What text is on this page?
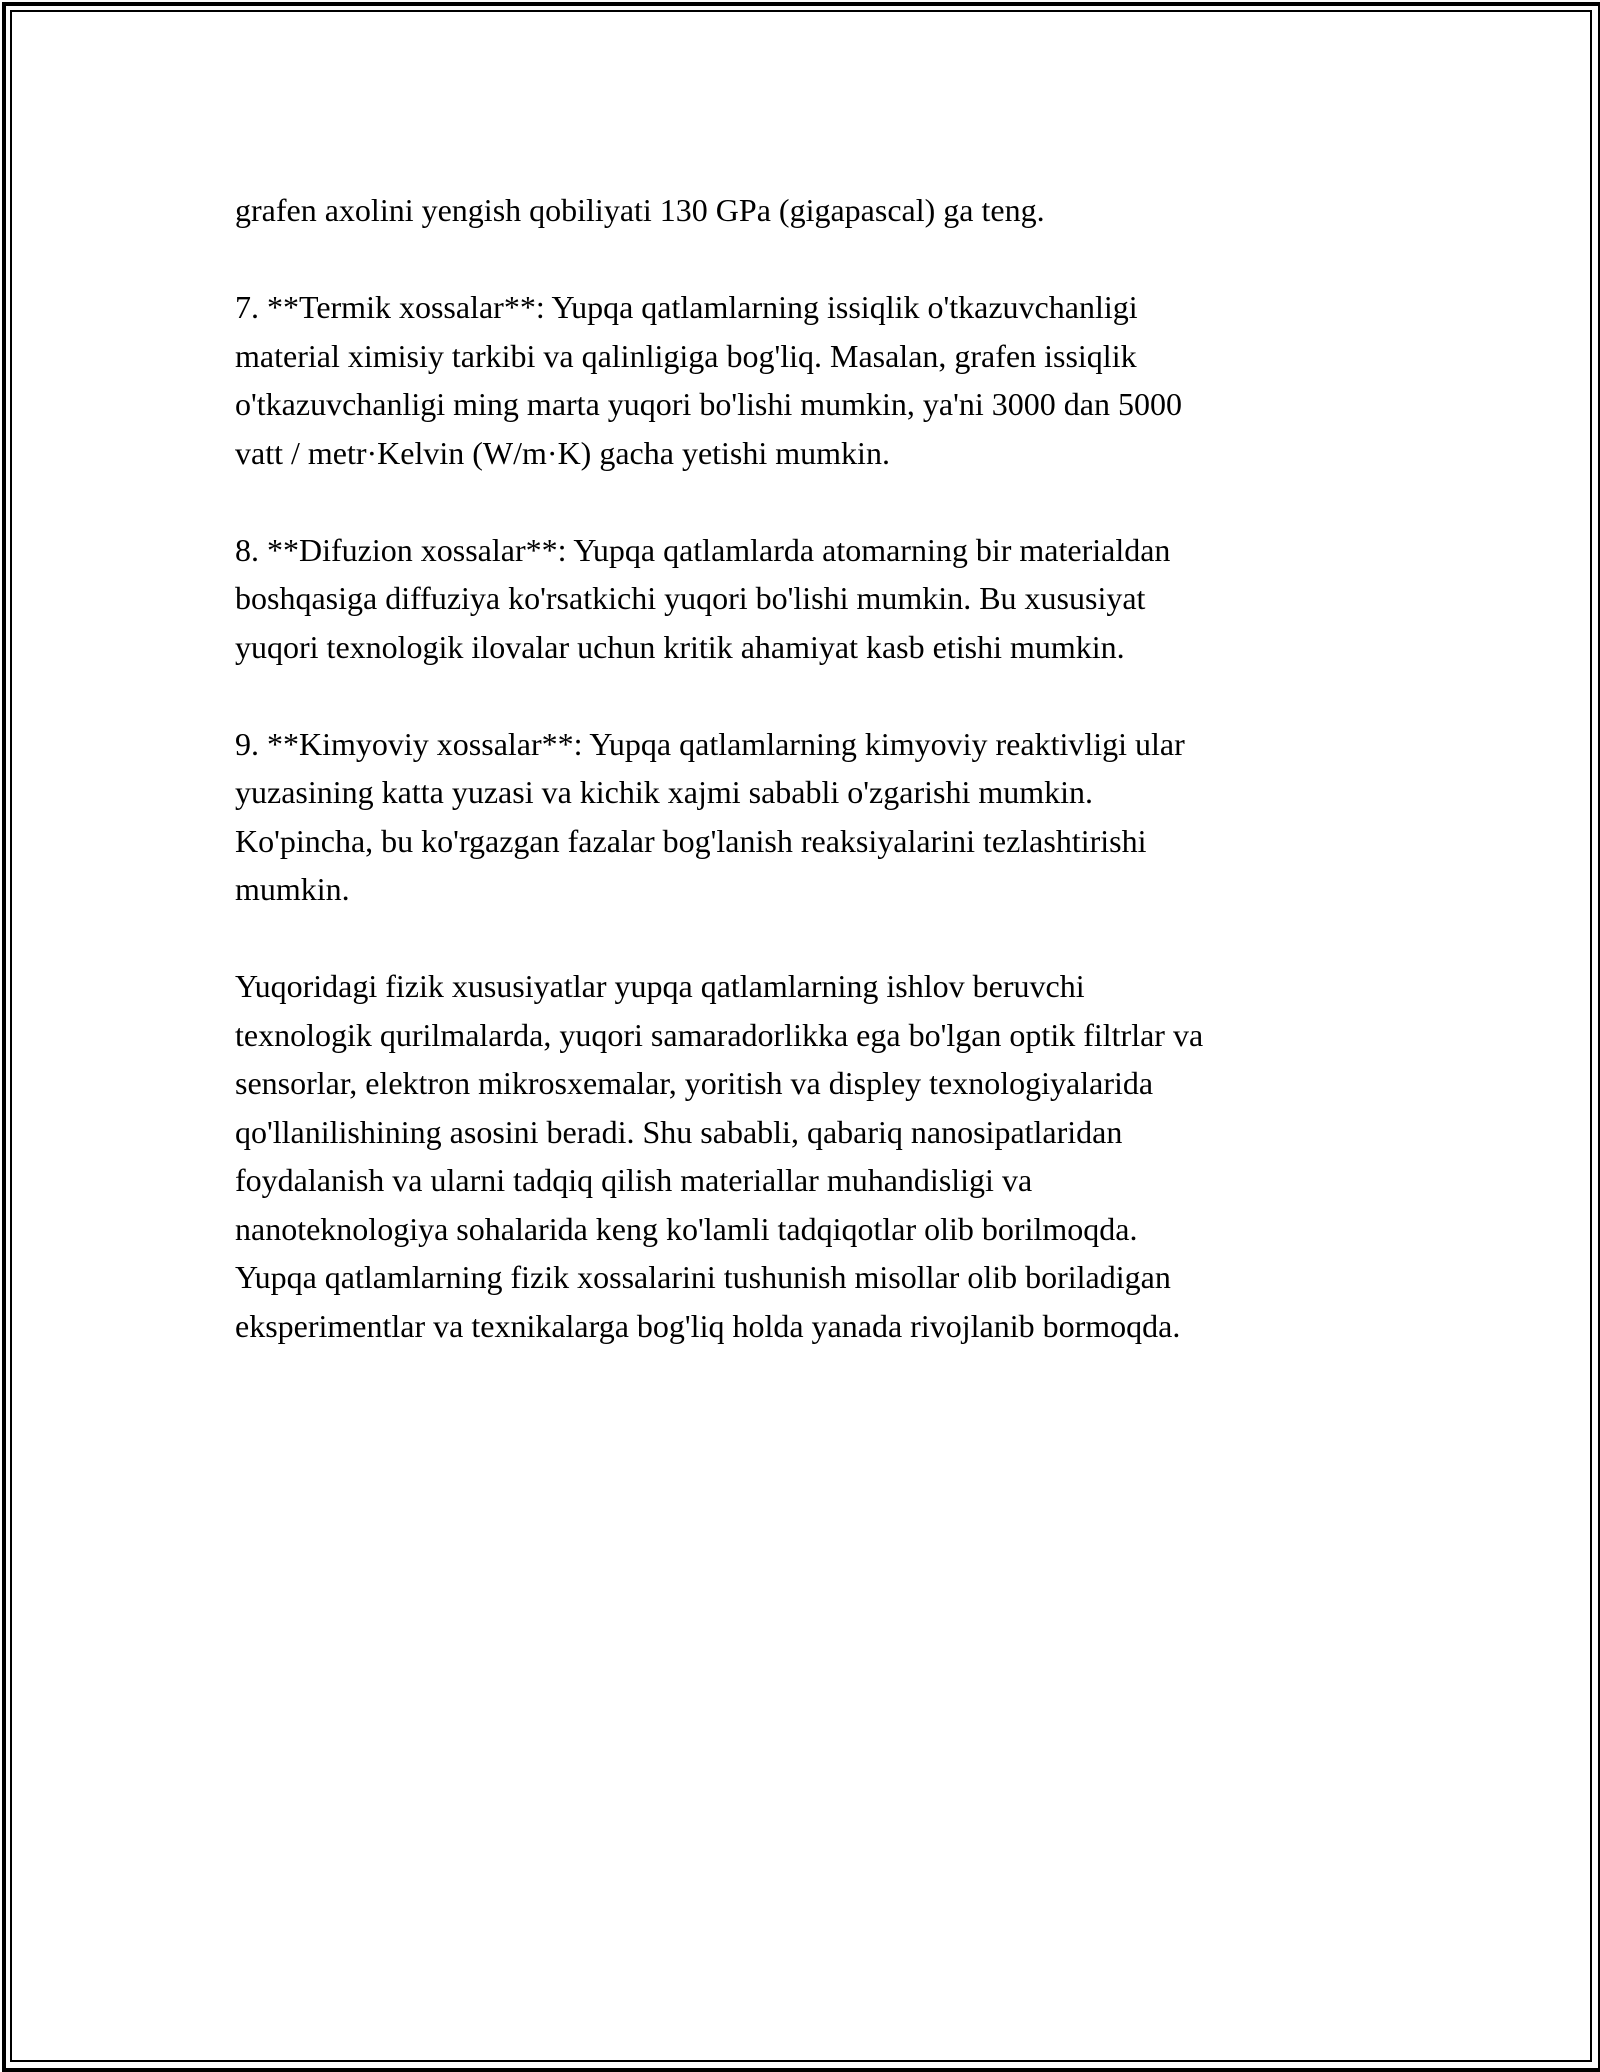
grafen axolini yengish qobiliyati 130 GPa (gigapascal) ga teng.

7. **Termik xossalar**: Yupqa qatlamlarning issiqlik o'tkazuvchanligi
material ximisiy tarkibi va qalinligiga bog'liq. Masalan, grafen issiqlik
o'tkazuvchanligi ming marta yuqori bo'lishi mumkin, ya'ni 3000 dan 5000
vatt / metr·Kelvin (W/m·K) gacha yetishi mumkin.

8. **Difuzion xossalar**: Yupqa qatlamlarda atomarning bir materialdan
boshqasiga diffuziya ko'rsatkichi yuqori bo'lishi mumkin. Bu xususiyat
yuqori texnologik ilovalar uchun kritik ahamiyat kasb etishi mumkin.

9. **Kimyoviy xossalar**: Yupqa qatlamlarning kimyoviy reaktivligi ular
yuzasining katta yuzasi va kichik xajmi sababli o'zgarishi mumkin.
Ko'pincha, bu ko'rgazgan fazalar bog'lanish reaksiyalarini tezlashtirishi
mumkin.

Yuqoridagi fizik xususiyatlar yupqa qatlamlarning ishlov beruvchi
texnologik qurilmalarda, yuqori samaradorlikka ega bo'lgan optik filtrlar va
sensorlar, elektron mikrosxemalar, yoritish va displey texnologiyalarida
qo'llanilishining asosini beradi. Shu sababli, qabariq nanosipatlaridan
foydalanish va ularni tadqiq qilish materiallar muhandisligi va
nanoteknologiya sohalarida keng ko'lamli tadqiqotlar olib borilmoqda.
Yupqa qatlamlarning fizik xossalarini tushunish misollar olib boriladigan
eksperimentlar va texnikalarga bog'liq holda yanada rivojlanib bormoqda.
